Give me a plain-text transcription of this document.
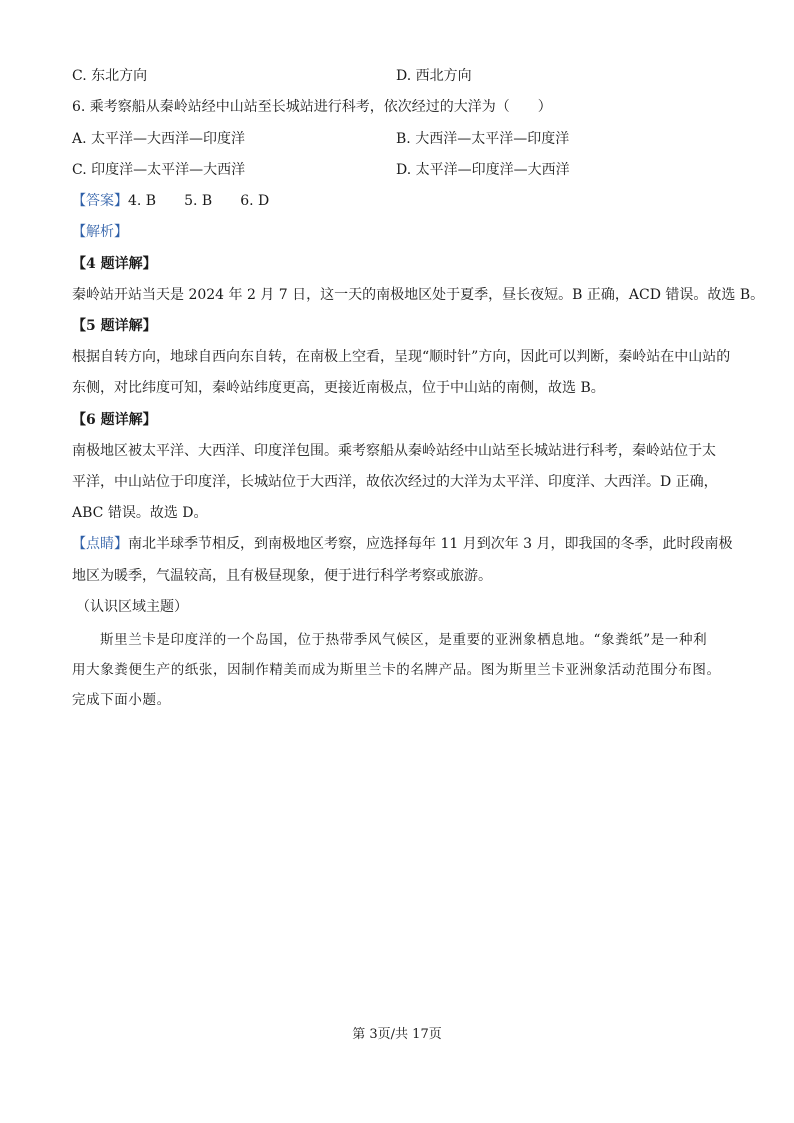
C. 东北方向	D. 西北方向
6. 乘考察船从秦岭站经中山站至长城站进行科考，依次经过的大洋为（　　）
A. 太平洋—大西洋—印度洋	B. 大西洋—太平洋—印度洋
C. 印度洋—太平洋—大西洋	D. 太平洋—印度洋—大西洋
【答案】4. B 5. B 6. D
【解析】
【4 题详解】
秦岭站开站当天是 2024 年 2 月 7 日，这一天的南极地区处于夏季，昼长夜短。B 正确，ACD 错误。故选 B。
【5 题详解】
根据自转方向，地球自西向东自转，在南极上空看，呈现“顺时针”方向，因此可以判断，秦岭站在中山站的
东侧，对比纬度可知，秦岭站纬度更高，更接近南极点，位于中山站的南侧，故选 B。
【6 题详解】
南极地区被太平洋、大西洋、印度洋包围。乘考察船从秦岭站经中山站至长城站进行科考，秦岭站位于太
平洋，中山站位于印度洋，长城站位于大西洋，故依次经过的大洋为太平洋、印度洋、大西洋。D 正确，
ABC 错误。故选 D。
【点睛】南北半球季节相反，到南极地区考察，应选择每年 11 月到次年 3 月，即我国的冬季，此时段南极
地区为暖季，气温较高，且有极昼现象，便于进行科学考察或旅游。
（认识区域主题）
斯里兰卡是印度洋的一个岛国，位于热带季风气候区，是重要的亚洲象栖息地。“象粪纸”是一种利
用大象粪便生产的纸张，因制作精美而成为斯里兰卡的名牌产品。图为斯里兰卡亚洲象活动范围分布图。
完成下面小题。
第 3页/共 17页
